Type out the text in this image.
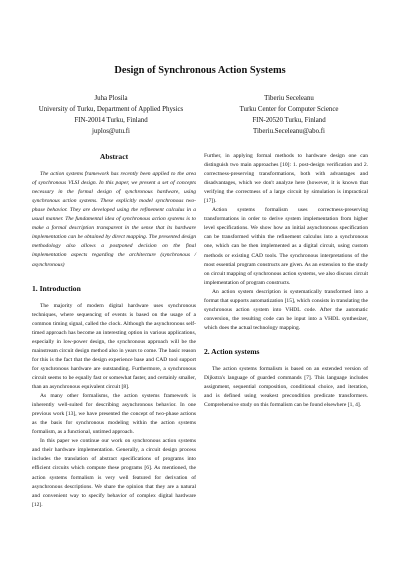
Design of Synchronous Action Systems
Juha Plosila
University of Turku, Department of Applied Physics
FIN-20014 Turku, Finland
juplos@utu.fi
Tiberiu Seceleanu
Turku Center for Computer Science
FIN-20520 Turku, Finland
Tiberiu.Seceleanu@abo.fi
Abstract

The action systems framework has recently been applied to the area of synchronous VLSI design. In this paper, we present a set of concepts necessary in the formal design of synchronous hardware, using synchronous action systems. These explicitly model synchronous two-phase behavior. They are developed using the refinement calculus in a usual manner. The fundamental idea of synchronous action systems is to make a formal description transparent in the sense that its hardware implementation can be obtained by direct mapping. The presented design methodology also allows a postponed decision on the final implementation aspects regarding the architecture (synchronous / asynchronous)

1. Introduction

The majority of modern digital hardware uses synchronous techniques, where sequencing of events is based on the usage of a common timing signal, called the clock. Although the asynchronous self-timed approach has become an interesting option in various applications, especially in low-power design, the synchronous approach will be the mainstream circuit design method also in years to come. The basic reason for this is the fact that the design experience base and CAD tool support for synchronous hardware are outstanding. Furthermore, a synchronous circuit seems to be equally fast or somewhat faster, and certainly smaller, than an asynchronous equivalent circuit [8].

As many other formalisms, the action systems framework is inherently well-suited for describing asynchronous behavior. In one previous work [13], we have presented the concept of two-phase actions as the basis for synchronous modeling within the action systems formalism, as a functional, untimed approach.

In this paper we continue our work on synchronous action systems and their hardware implementation. Generally, a circuit design process includes the translation of abstract specifications of programs into efficient circuits which compute these programs [6]. As mentioned, the action systems formalism is very well featured for derivation of asynchronous descriptions. We share the opinion that they are a natural and convenient way to specify behavior of complex digital hardware [12].

Further, in applying formal methods to hardware design one can distinguish two main approaches [10]: 1. post-design verification and 2. correctness-preserving transformations, both with advantages and disadvantages, which we don't analyze here (however, it is known that verifying the correctness of a large circuit by simulation is impractical [17]).

Action systems formalism uses correctness-preserving transformations in order to derive system implementation from higher level specifications. We show how an initial asynchronous specification can be transformed within the refinement calculus into a synchronous one, which can be then implemented as a digital circuit, using custom methods or existing CAD tools. The synchronous interpretations of the most essential program constructs are given. As an extension to the study on circuit mapping of synchronous action systems, we also discuss circuit implementation of program constructs.

An action system description is systematically transformed into a format that supports automatization [15], which consists in translating the synchronous action system into VHDL code. After the automatic conversion, the resulting code can be input into a VHDL synthesizer, which does the actual technology mapping.

2. Action systems

The action systems formalism is based on an extended version of Dijkstra's language of guarded commands [7]. This language includes assignment, sequential composition, conditional choice, and iteration, and is defined using weakest precondition predicate transformers. Comprehensive study on this formalism can be found elsewhere [1, 4].
